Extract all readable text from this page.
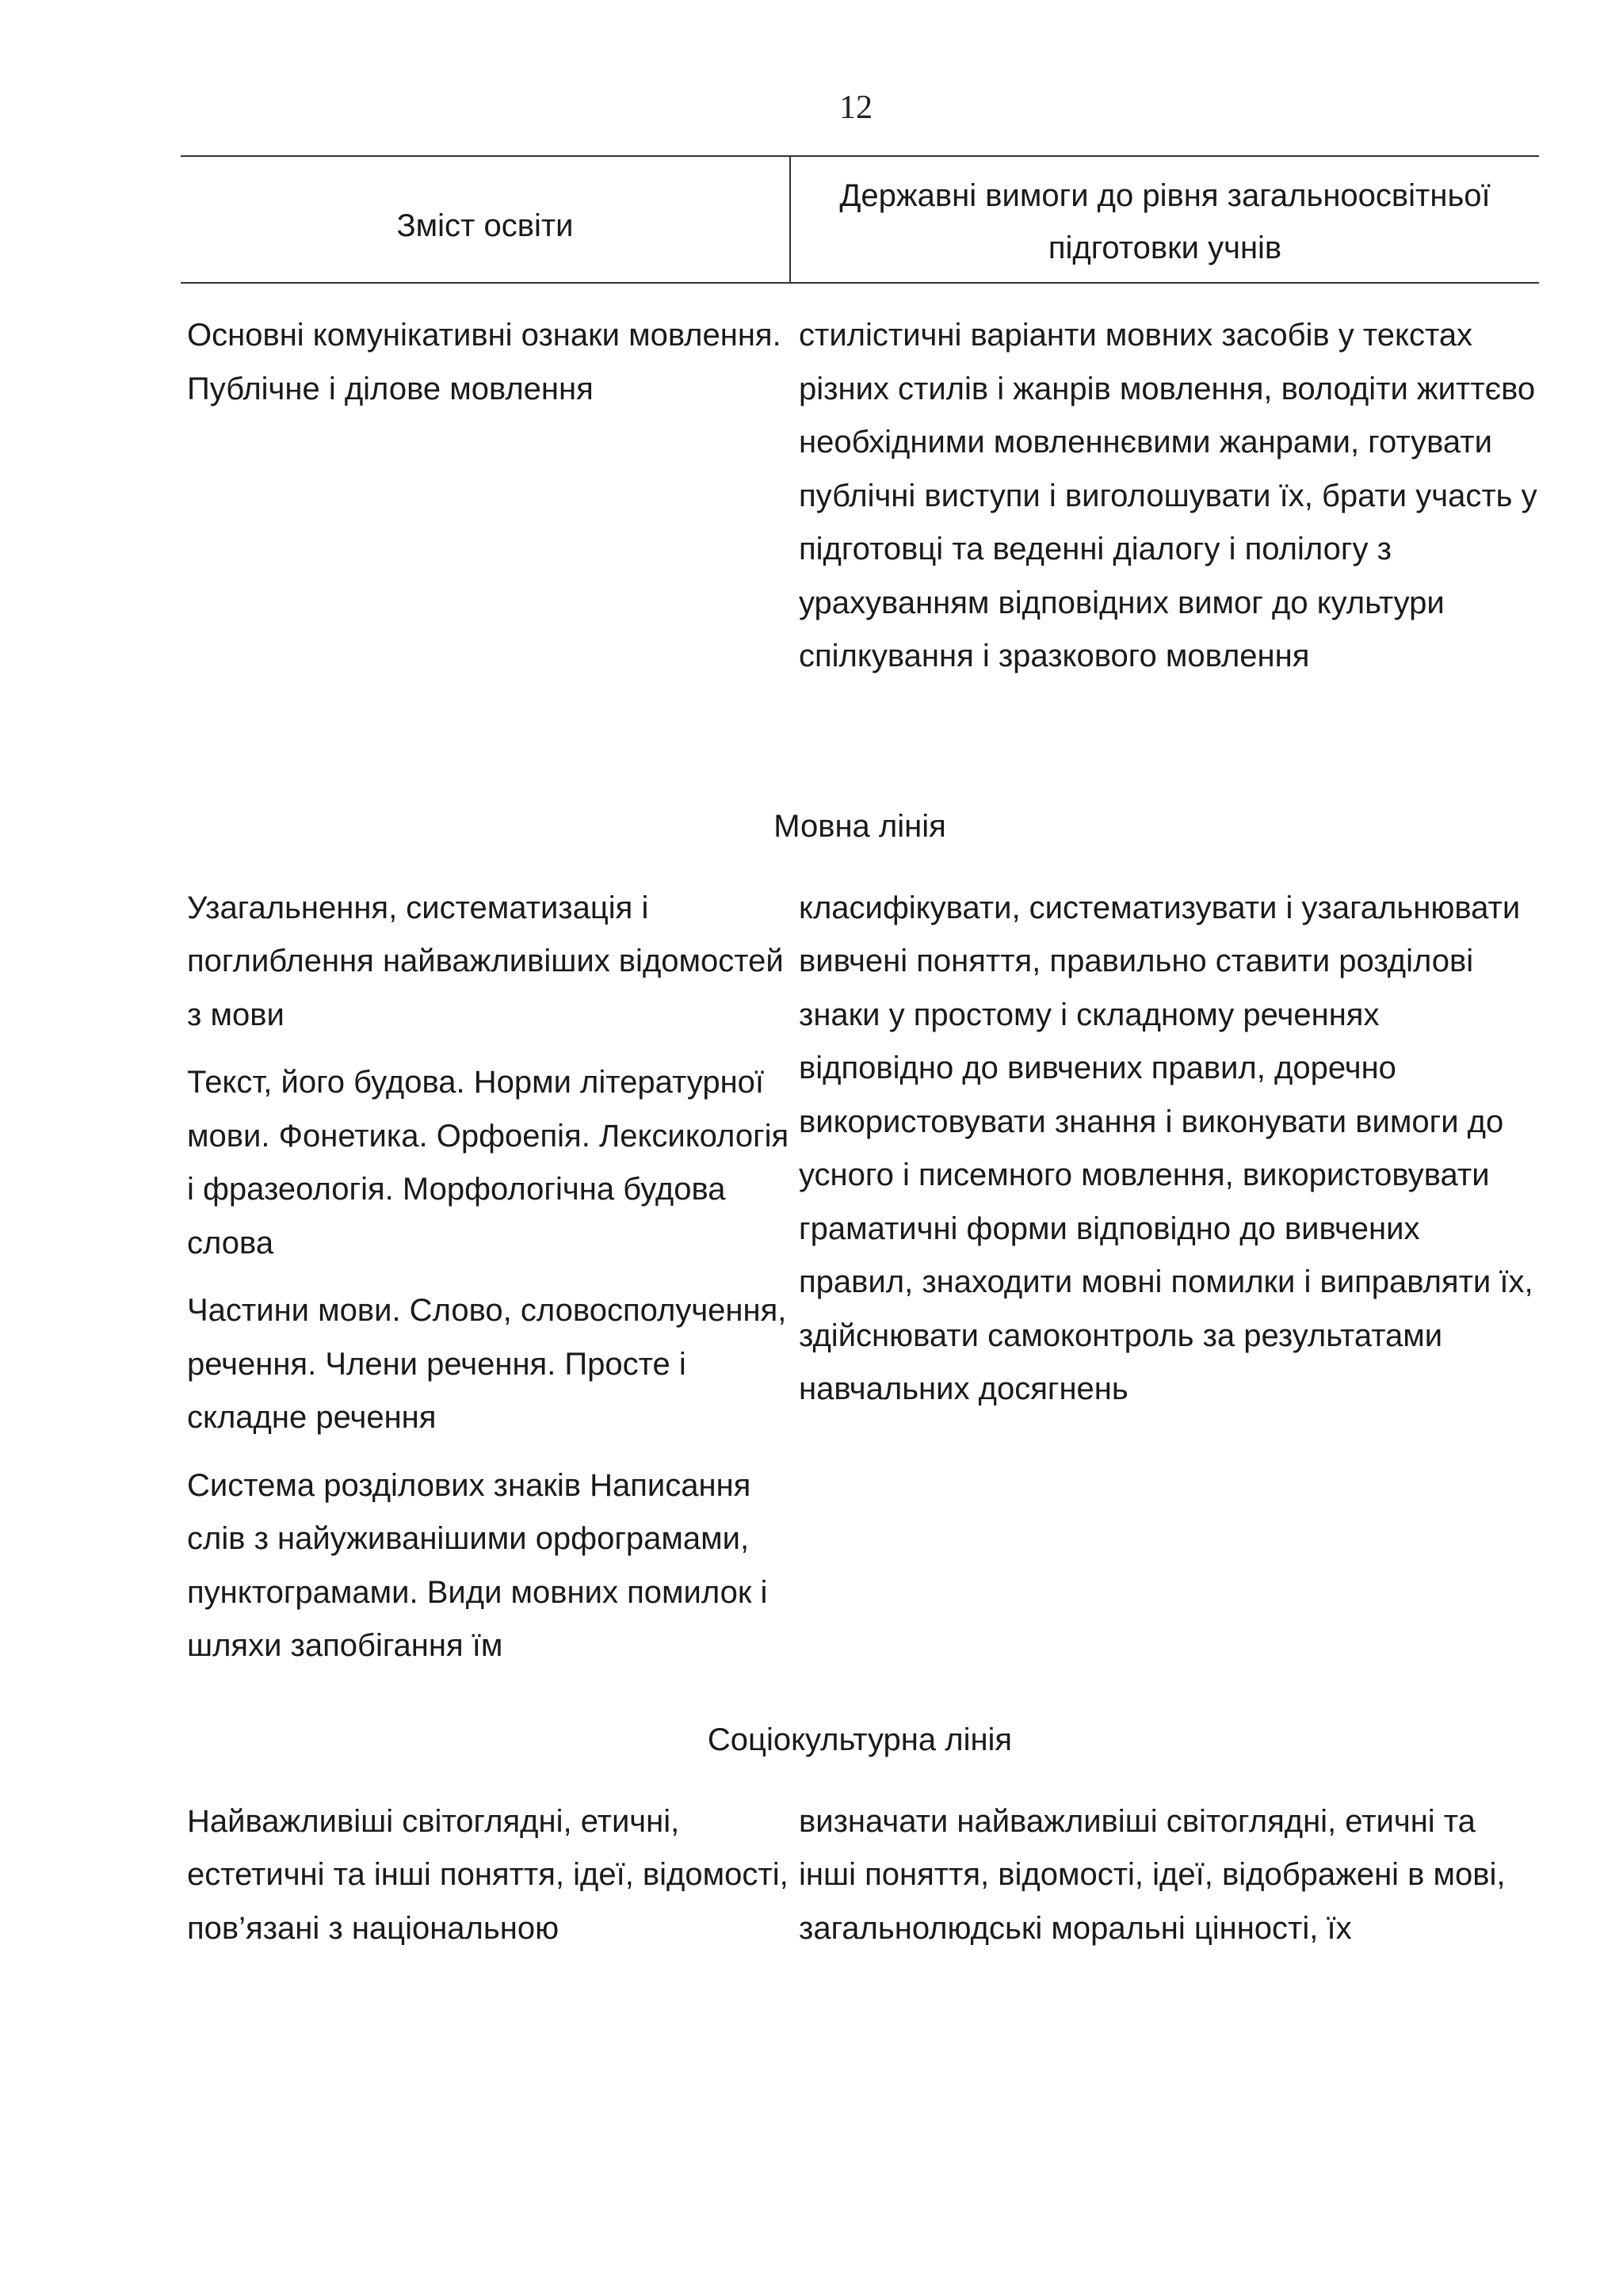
12
Зміст освіти
Державні вимоги до рівня загальноосвітньої підготовки учнів

Основні комунікативні ознаки мовлення. Публічне і ділове мовлення

стилістичні варіанти мовних засобів у текстах різних стилів і жанрів мовлення, володіти життєво необхідними мовленнєвими жанрами, готувати публічні виступи і виголошувати їх, брати участь у підготовці та веденні діалогу і полілогу з урахуванням відповідних вимог до культури спілкування і зразкового мовлення

Мовна лінія

Узагальнення, систематизація і поглиблення найважливіших відомостей з мови

Текст, його будова. Норми літературної мови. Фонетика. Орфоепія. Лексикологія і фразеологія. Морфологічна будова слова

Частини мови. Слово, словосполучення, речення. Члени речення. Просте і складне речення

Система розділових знаків Написання слів з найуживанішими орфограмами, пунктограмами. Види мовних помилок і шляхи запобігання їм

класифікувати, систематизувати і узагальнювати вивчені поняття, правильно ставити розділові знаки у простому і складному реченнях відповідно до вивчених правил, доречно використовувати знання і виконувати вимоги до усного і писемного мовлення, використовувати граматичні форми відповідно до вивчених правил, знаходити мовні помилки і виправляти їх, здійснювати самоконтроль за результатами навчальних досягнень

Соціокультурна лінія

Найважливіші світоглядні, етичні, естетичні та інші поняття, ідеї, відомості, пов’язані з національною

визначати найважливіші світоглядні, етичні та інші поняття, відомості, ідеї, відображені в мові, загальнолюдські моральні цінності, їх
